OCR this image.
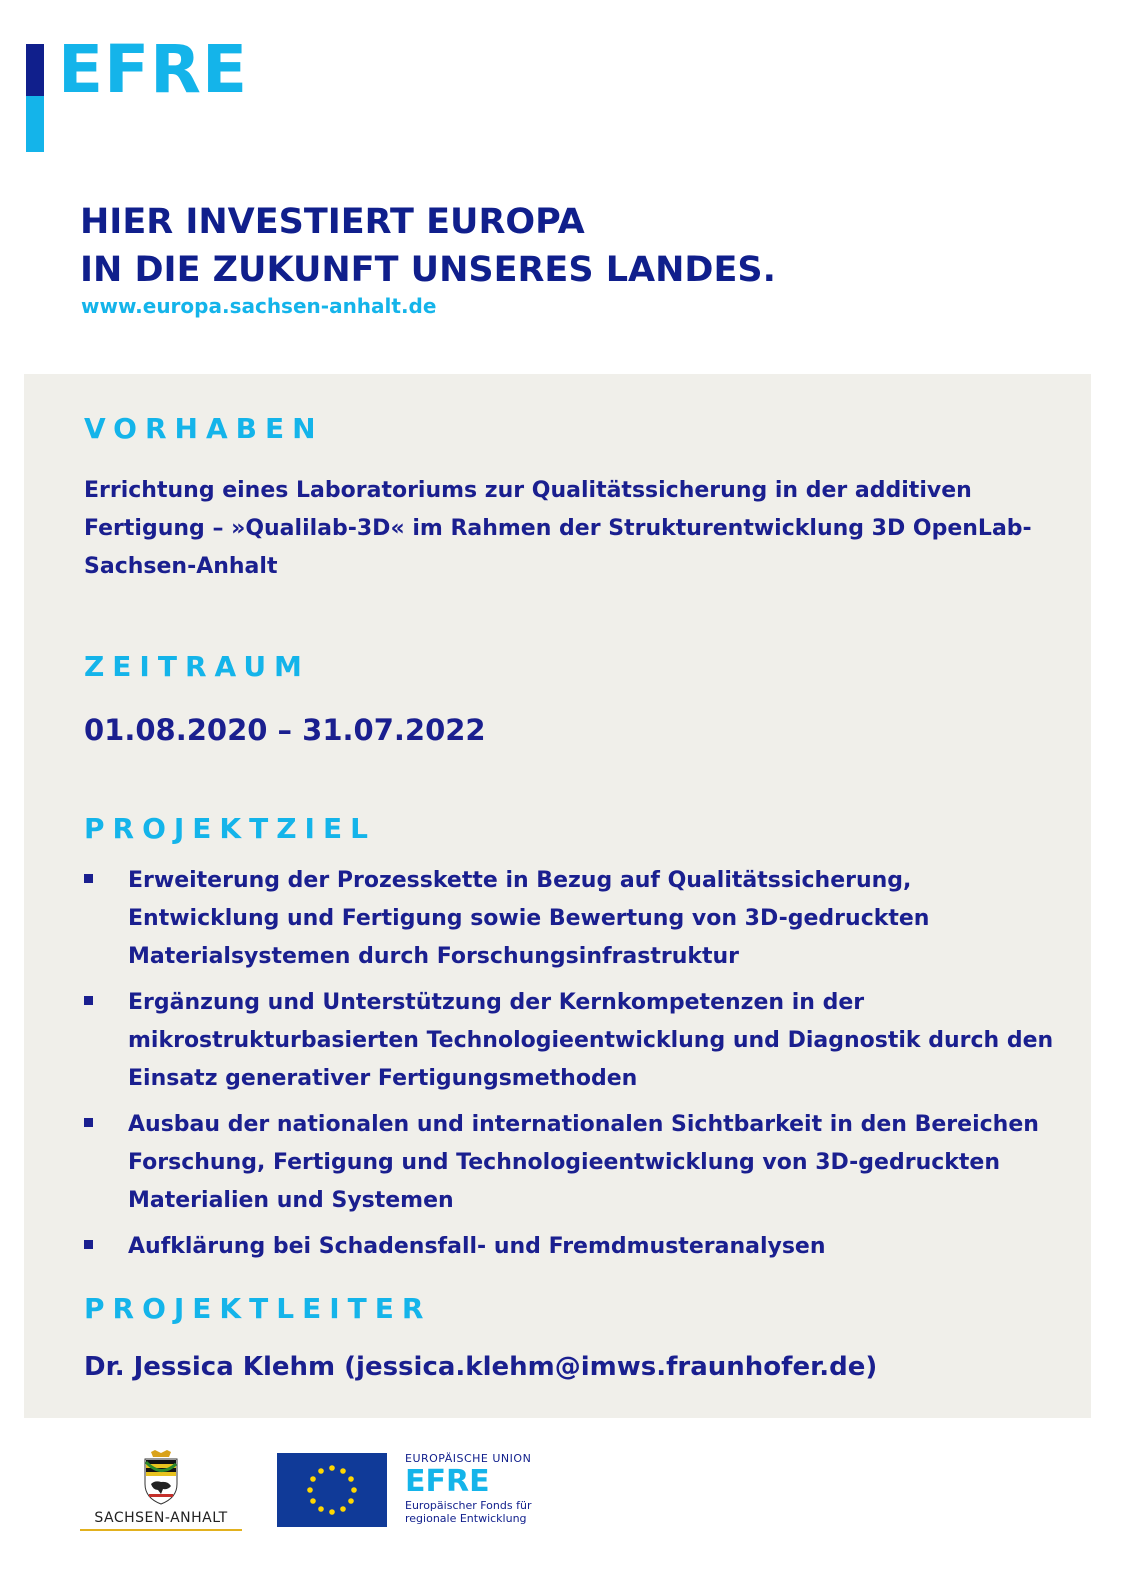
EFRE
HIER INVESTIERT EUROPA
IN DIE ZUKUNFT UNSERES LANDES.
www.europa.sachsen-anhalt.de
VORHABEN
Errichtung eines Laboratoriums zur Qualitätssicherung in der additiven Fertigung – »Qualilab-3D« im Rahmen der Strukturentwicklung 3D OpenLab- Sachsen-Anhalt
ZEITRAUM
01.08.2020 – 31.07.2022
PROJEKTZIEL
Erweiterung der Prozesskette in Bezug auf Qualitätssicherung, Entwicklung und Fertigung sowie Bewertung von 3D-gedruckten Materialsystemen durch Forschungsinfrastruktur
Ergänzung und Unterstützung der Kernkompetenzen in der mikrostrukturbasierten Technologieentwicklung und Diagnostik durch den Einsatz generativer Fertigungsmethoden
Ausbau der nationalen und internationalen Sichtbarkeit in den Bereichen Forschung, Fertigung und Technologieentwicklung von 3D-gedruckten Materialien und Systemen
Aufklärung bei Schadensfall- und Fremdmusteranalysen
PROJEKTLEITER
Dr. Jessica Klehm (jessica.klehm@imws.fraunhofer.de)
SACHSEN-ANHALT
EUROPÄISCHE UNION
EFRE
Europäischer Fonds für
regionale Entwicklung
